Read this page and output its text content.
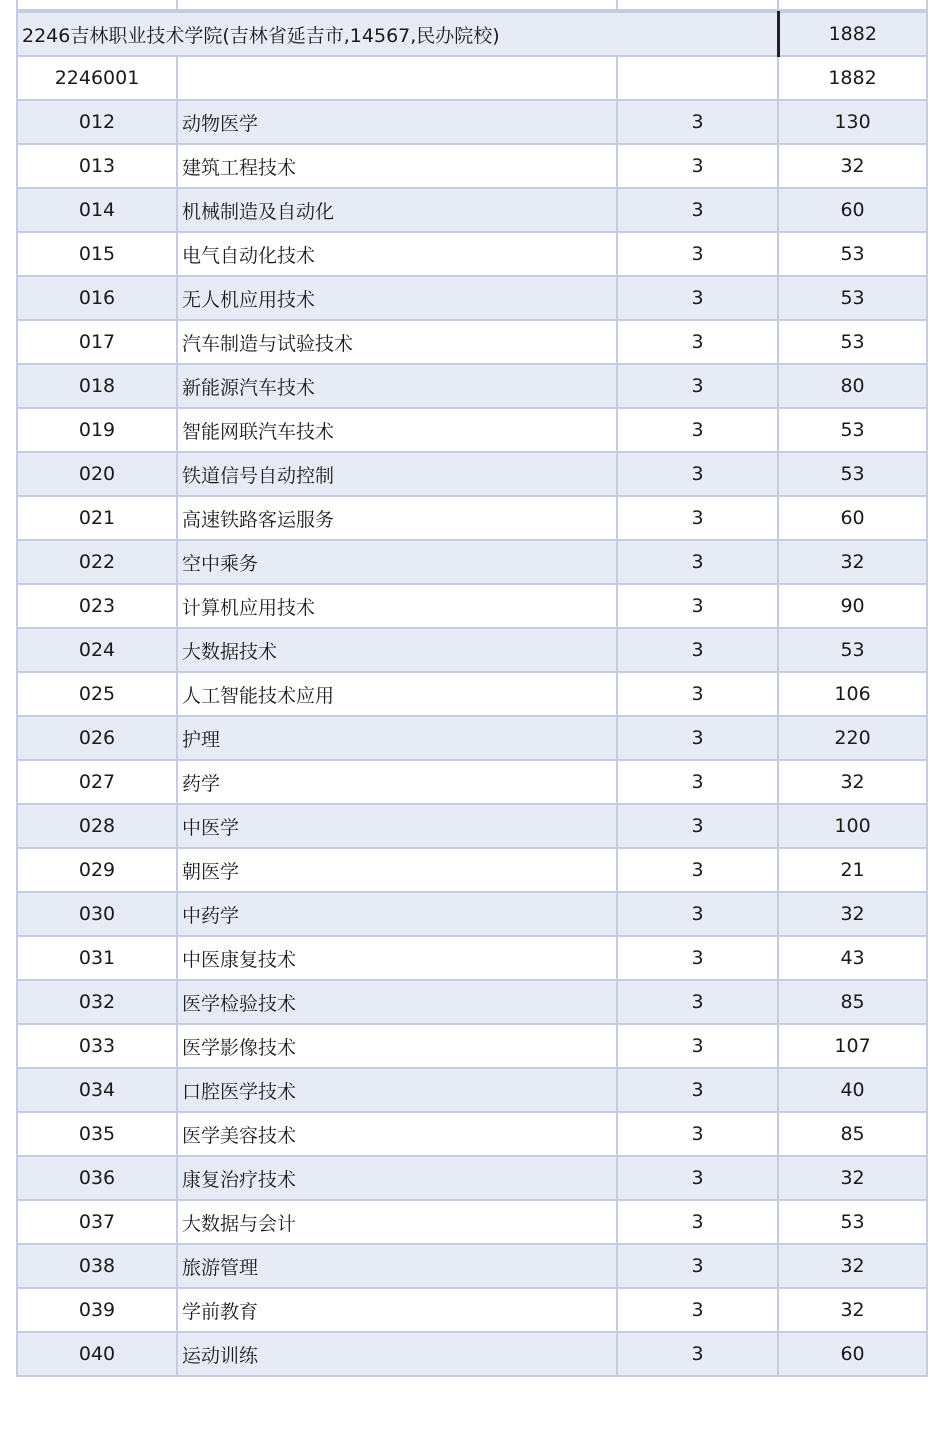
2246吉林职业技术学院(吉林省延吉市,14567,民办院校)			1882
2246001			1882
012	动物医学	3	130
013	建筑工程技术	3	32
014	机械制造及自动化	3	60
015	电气自动化技术	3	53
016	无人机应用技术	3	53
017	汽车制造与试验技术	3	53
018	新能源汽车技术	3	80
019	智能网联汽车技术	3	53
020	铁道信号自动控制	3	53
021	高速铁路客运服务	3	60
022	空中乘务	3	32
023	计算机应用技术	3	90
024	大数据技术	3	53
025	人工智能技术应用	3	106
026	护理	3	220
027	药学	3	32
028	中医学	3	100
029	朝医学	3	21
030	中药学	3	32
031	中医康复技术	3	43
032	医学检验技术	3	85
033	医学影像技术	3	107
034	口腔医学技术	3	40
035	医学美容技术	3	85
036	康复治疗技术	3	32
037	大数据与会计	3	53
038	旅游管理	3	32
039	学前教育	3	32
040	运动训练	3	60
